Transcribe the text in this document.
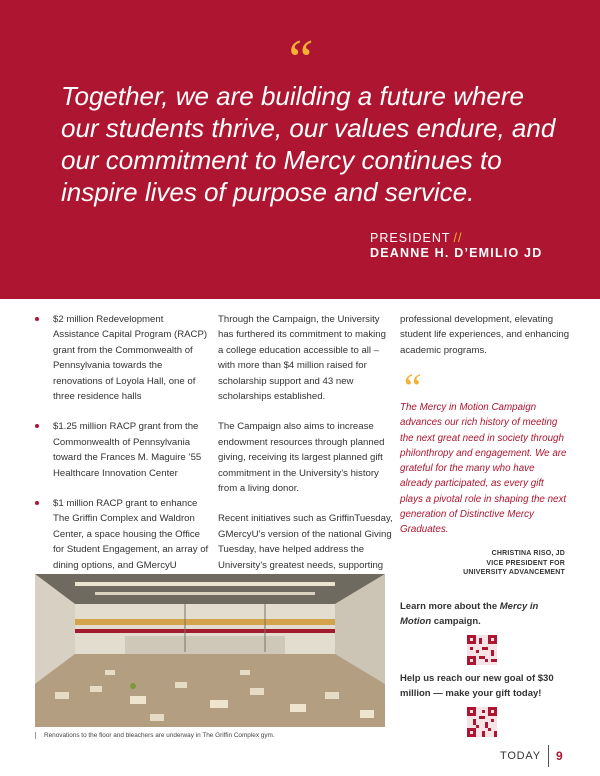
“
Together, we are building a future where our students thrive, our values endure, and our commitment to Mercy continues to inspire lives of purpose and service.
PRESIDENT //
DEANNE H. D’EMILIO JD
$2 million Redevelopment Assistance Capital Program (RACP) grant from the Commonwealth of Pennsylvania towards the renovations of Loyola Hall, one of three residence halls
$1.25 million RACP grant from the Commonwealth of Pennsylvania toward the Frances M. Maguire ’55 Healthcare Innovation Center
$1 million RACP grant to enhance The Griffin Complex and Waldron Center, a space housing the Office for Student Engagement, an array of dining options, and GMercyU

Through the Campaign, the University has furthered its commitment to making a college education accessible to all – with more than $4 million raised for scholarship support and 43 new scholarships established.

The Campaign also aims to increase endowment resources through planned giving, receiving its largest planned gift commitment in the University’s history from a living donor.

Recent initiatives such as GriffinTuesday, GMercyU’s version of the national Giving Tuesday, have helped address the University’s greatest needs, supporting

professional development, elevating student life experiences, and enhancing academic programs.

“
The Mercy in Motion Campaign advances our rich history of meeting the next great need in society through philonthropy and engagement. We are grateful for the many who have already participated, as every gift plays a pivotal role in shaping the next generation of Distinctive Mercy Graduates.
CHRISTINA RISO, JD
VICE PRESIDENT FOR
UNIVERSITY ADVANCEMENT
Renovations to the floor and bleachers are underway in The Griffin Complex gym.
Learn more about the Mercy in Motion campaign.
Help us reach our new goal of $30 million — make your gift today!
TODAY 9
